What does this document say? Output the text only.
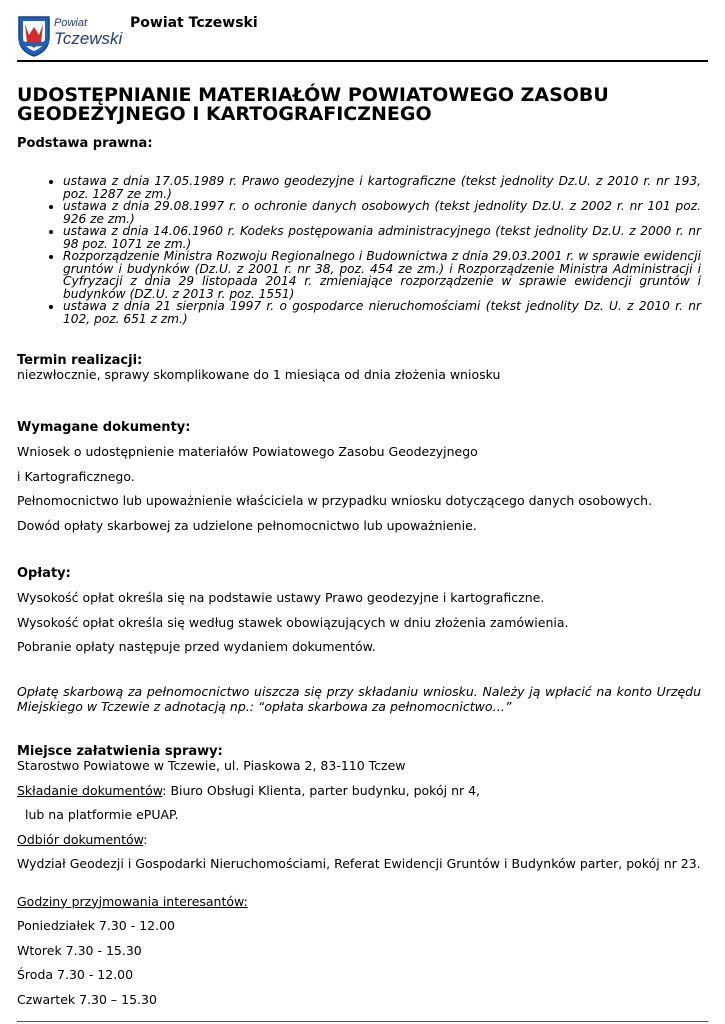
Powiat
Tczewski
Powiat Tczewski
UDOSTĘPNIANIE MATERIAŁÓW POWIATOWEGO ZASOBU
GEODEZYJNEGO I KARTOGRAFICZNEGO
Podstawa prawna:
• ustawa z dnia 17.05.1989 r. Prawo geodezyjne i kartograficzne (tekst jednolity Dz.U. z 2010 r. nr 193, poz. 1287 ze zm.)
• ustawa z dnia 29.08.1997 r. o ochronie danych osobowych (tekst jednolity Dz.U. z 2002 r. nr 101 poz. 926 ze zm.)
• ustawa z dnia 14.06.1960 r. Kodeks postępowania administracyjnego (tekst jednolity Dz.U. z 2000 r. nr 98 poz. 1071 ze zm.)
• Rozporządzenie Ministra Rozwoju Regionalnego i Budownictwa z dnia 29.03.2001 r. w sprawie ewidencji gruntów i budynków (Dz.U. z 2001 r. nr 38, poz. 454 ze zm.) i Rozporządzenie Ministra Administracji i Cyfryzacji z dnia 29 listopada 2014 r. zmieniające rozporządzenie w sprawie ewidencji gruntów i budynków (DZ.U. z 2013 r. poz. 1551)
• ustawa z dnia 21 sierpnia 1997 r. o gospodarce nieruchomościami (tekst jednolity Dz. U. z 2010 r. nr 102, poz. 651 z zm.)
Termin realizacji:

niezwłocznie, sprawy skomplikowane do 1 miesiąca od dnia złożenia wniosku

Wymagane dokumenty:

Wniosek o udostępnienie materiałów Powiatowego Zasobu Geodezyjnego

i Kartograficznego.

Pełnomocnictwo lub upoważnienie właściciela w przypadku wniosku dotyczącego danych osobowych.

Dowód opłaty skarbowej za udzielone pełnomocnictwo lub upoważnienie.

Opłaty:

Wysokość opłat określa się na podstawie ustawy Prawo geodezyjne i kartograficzne.

Wysokość opłat określa się według stawek obowiązujących w dniu złożenia zamówienia.

Pobranie opłaty następuje przed wydaniem dokumentów.

Opłatę skarbową za pełnomocnictwo uiszcza się przy składaniu wniosku. Należy ją wpłacić na konto Urzędu Miejskiego w Tczewie z adnotacją np.: “opłata skarbowa za pełnomocnictwo…”

Miejsce załatwienia sprawy:

Starostwo Powiatowe w Tczewie, ul. Piaskowa 2, 83-110 Tczew

Składanie dokumentów: Biuro Obsługi Klienta, parter budynku, pokój nr 4,

lub na platformie ePUAP.

Odbiór dokumentów:

Wydział Geodezji i Gospodarki Nieruchomościami, Referat Ewidencji Gruntów i Budynków parter, pokój nr 23.

Godziny przyjmowania interesantów:

Poniedziałek 7.30 - 12.00

Wtorek 7.30 - 15.30

Środa 7.30 - 12.00

Czwartek 7.30 – 15.30
